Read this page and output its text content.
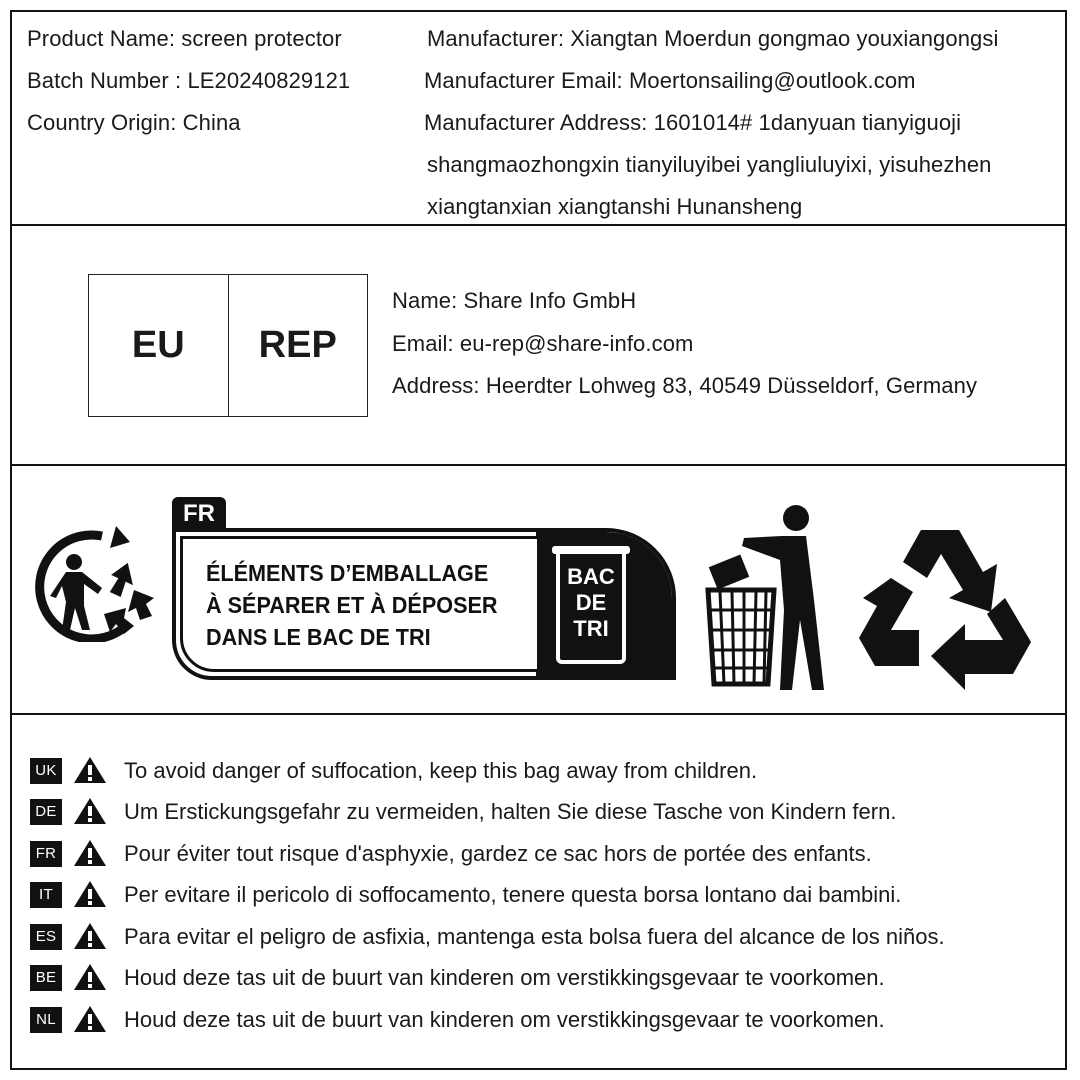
Product Name: screen protector
Batch Number : LE20240829121
Country Origin: China
Manufacturer: Xiangtan Moerdun gongmao youxiangongsi
Manufacturer Email: Moertonsailing@outlook.com
Manufacturer Address: 1601014# 1danyuan tianyiguoji
shangmaozhongxin tianyiluyibei yangliuluyixi, yisuhezhen
xiangtanxian xiangtanshi Hunansheng
EU	REP
Name: Share Info GmbH
Email: eu-rep@share-info.com
Address: Heerdter Lohweg 83, 40549 Düsseldorf, Germany
FR
ÉLÉMENTS D’EMBALLAGE
À SÉPARER ET À DÉPOSER
DANS LE BAC DE TRI
BAC
DE
TRI
UK	To avoid danger of suffocation, keep this bag away from children.
DE	Um Erstickungsgefahr zu vermeiden, halten Sie diese Tasche von Kindern fern.
FR	Pour éviter tout risque d'asphyxie, gardez ce sac hors de portée des enfants.
IT	Per evitare il pericolo di soffocamento, tenere questa borsa lontano dai bambini.
ES	Para evitar el peligro de asfixia, mantenga esta bolsa fuera del alcance de los niños.
BE	Houd deze tas uit de buurt van kinderen om verstikkingsgevaar te voorkomen.
NL	Houd deze tas uit de buurt van kinderen om verstikkingsgevaar te voorkomen.
